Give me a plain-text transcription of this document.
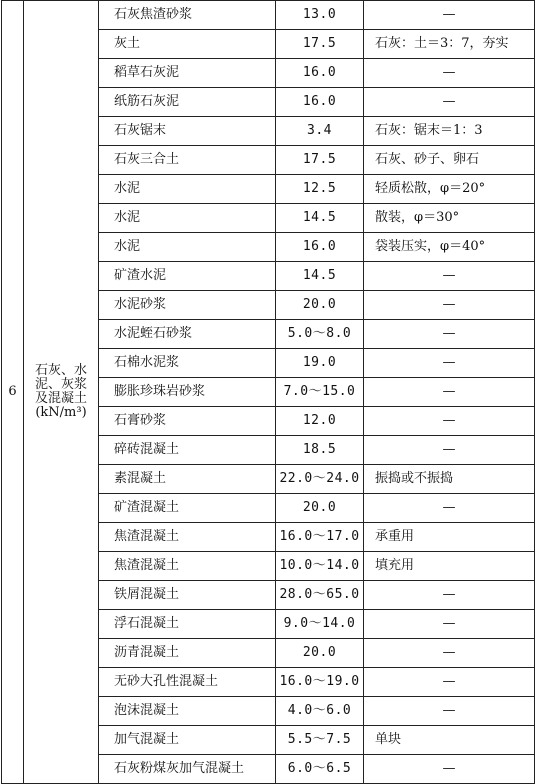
6	石灰、水
泥、灰浆
及混凝土
(kN/m³)	石灰焦渣砂浆	13.0	—
		灰土	17.5	石灰：土＝3：7，夯实
		稻草石灰泥	16.0	—
		纸筋石灰泥	16.0	—
		石灰锯末	3.4	石灰：锯末＝1：3
		石灰三合土	17.5	石灰、砂子、卵石
		水泥	12.5	轻质松散，φ＝20°
		水泥	14.5	散装，φ＝30°
		水泥	16.0	袋装压实，φ＝40°
		矿渣水泥	14.5	—
		水泥砂浆	20.0	—
		水泥蛭石砂浆	5.0～8.0	—
		石棉水泥浆	19.0	—
		膨胀珍珠岩砂浆	7.0～15.0	—
		石膏砂浆	12.0	—
		碎砖混凝土	18.5	—
		素混凝土	22.0～24.0	振捣或不振捣
		矿渣混凝土	20.0	—
		焦渣混凝土	16.0～17.0	承重用
		焦渣混凝土	10.0～14.0	填充用
		铁屑混凝土	28.0～65.0	—
		浮石混凝土	9.0～14.0	—
		沥青混凝土	20.0	—
		无砂大孔性混凝土	16.0～19.0	—
		泡沫混凝土	4.0～6.0	—
		加气混凝土	5.5～7.5	单块
		石灰粉煤灰加气混凝土	6.0～6.5	—
